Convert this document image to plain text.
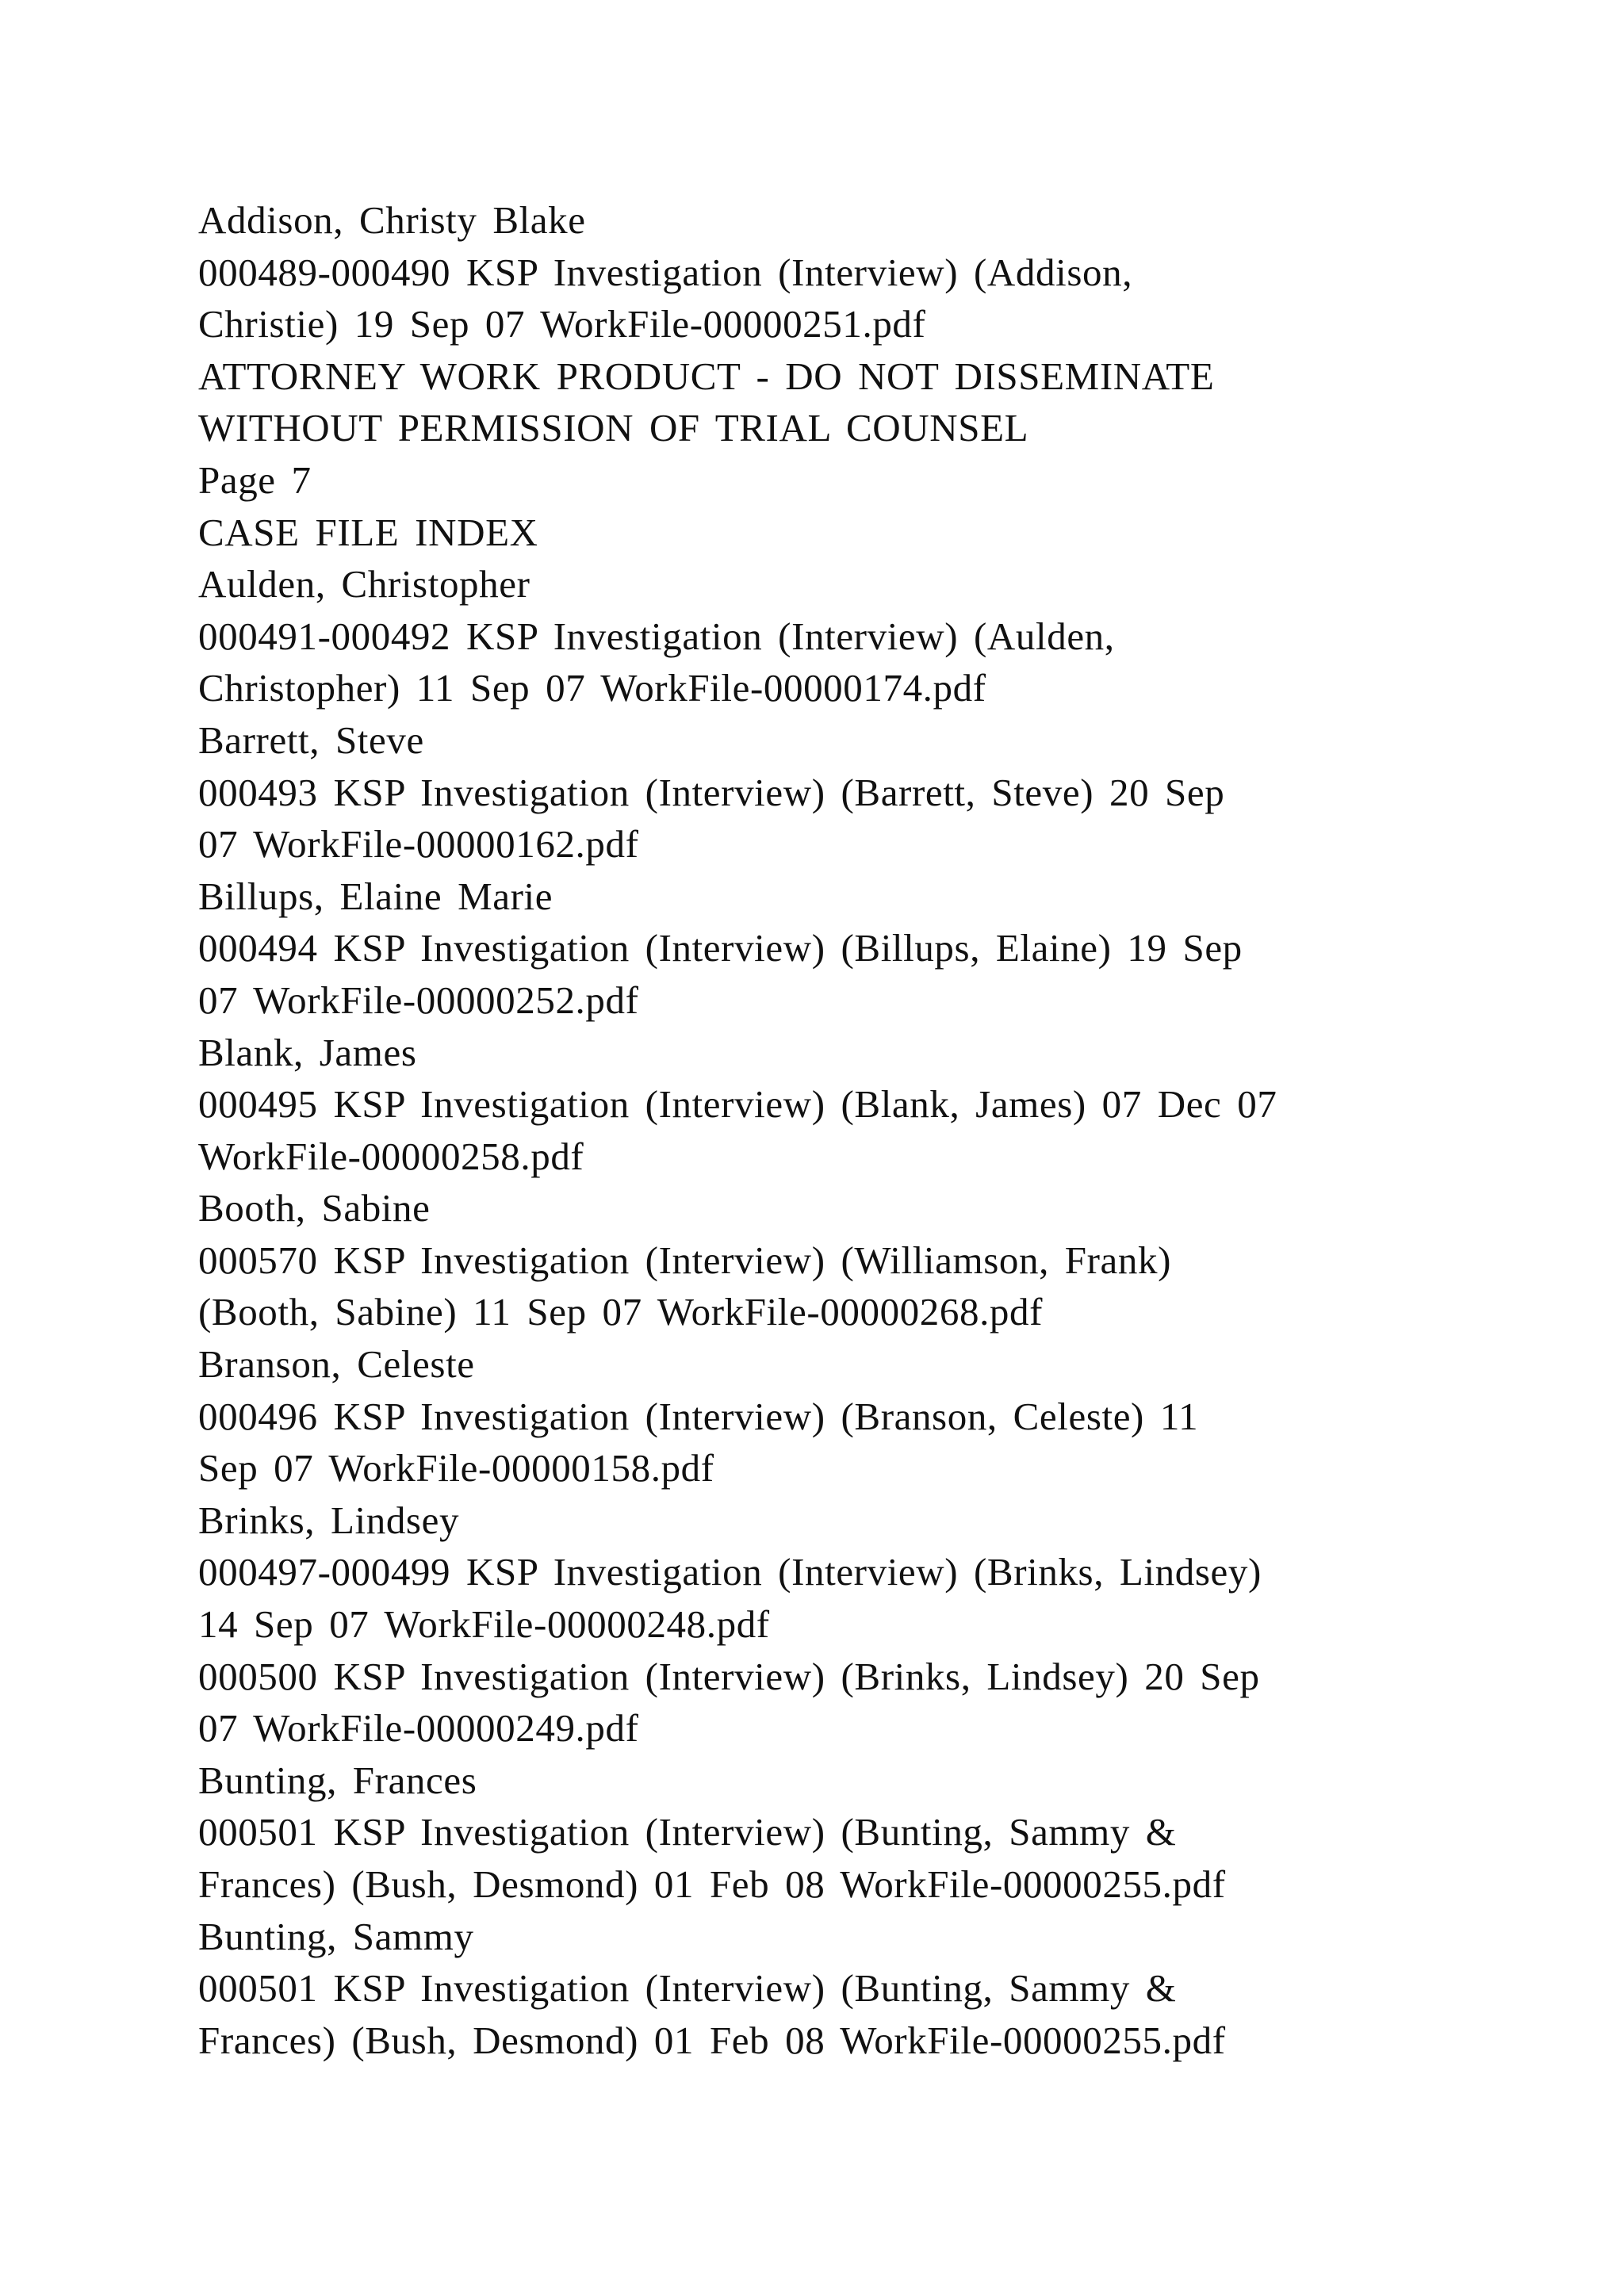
Addison, Christy Blake
000489-000490 KSP Investigation (Interview) (Addison,
Christie) 19 Sep 07 WorkFile-00000251.pdf
ATTORNEY WORK PRODUCT - DO NOT DISSEMINATE
WITHOUT PERMISSION OF TRIAL COUNSEL
Page 7
CASE FILE INDEX
Aulden, Christopher
000491-000492 KSP Investigation (Interview) (Aulden,
Christopher) 11 Sep 07 WorkFile-00000174.pdf
Barrett, Steve
000493 KSP Investigation (Interview) (Barrett, Steve) 20 Sep
07 WorkFile-00000162.pdf
Billups, Elaine Marie
000494 KSP Investigation (Interview) (Billups, Elaine) 19 Sep
07 WorkFile-00000252.pdf
Blank, James
000495 KSP Investigation (Interview) (Blank, James) 07 Dec 07
WorkFile-00000258.pdf
Booth, Sabine
000570 KSP Investigation (Interview) (Williamson, Frank)
(Booth, Sabine) 11 Sep 07 WorkFile-00000268.pdf
Branson, Celeste
000496 KSP Investigation (Interview) (Branson, Celeste) 11
Sep 07 WorkFile-00000158.pdf
Brinks, Lindsey
000497-000499 KSP Investigation (Interview) (Brinks, Lindsey)
14 Sep 07 WorkFile-00000248.pdf
000500 KSP Investigation (Interview) (Brinks, Lindsey) 20 Sep
07 WorkFile-00000249.pdf
Bunting, Frances
000501 KSP Investigation (Interview) (Bunting, Sammy &
Frances) (Bush, Desmond) 01 Feb 08 WorkFile-00000255.pdf
Bunting, Sammy
000501 KSP Investigation (Interview) (Bunting, Sammy &
Frances) (Bush, Desmond) 01 Feb 08 WorkFile-00000255.pdf
